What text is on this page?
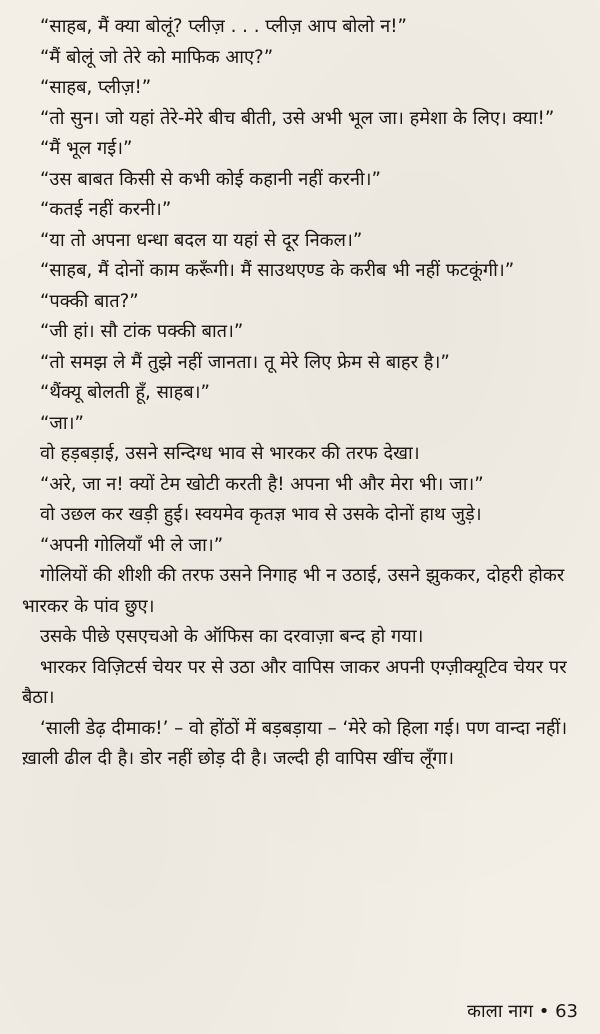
“साहब, मैं क्या बोलूं? प्लीज़ . . . प्लीज़ आप बोलो न!”

“मैं बोलूं जो तेरे को माफिक आए?”

“साहब, प्लीज़!”

“तो सुन। जो यहां तेरे-मेरे बीच बीती, उसे अभी भूल जा। हमेशा के लिए। क्या!”

“मैं भूल गई।”

“उस बाबत किसी से कभी कोई कहानी नहीं करनी।”

“कतई नहीं करनी।”

“या तो अपना धन्धा बदल या यहां से दूर निकल।”

“साहब, मैं दोनों काम करूँगी। मैं साउथएण्ड के करीब भी नहीं फटकूंगी।”

“पक्की बात?”

“जी हां। सौ टांक पक्की बात।”

“तो समझ ले मैं तुझे नहीं जानता। तू मेरे लिए फ्रेम से बाहर है।”

“थैंक्यू बोलती हूँ, साहब।”

“जा।”

वो हड़बड़ाई, उसने सन्दिग्ध भाव से भारकर की तरफ देखा।

“अरे, जा न! क्यों टेम खोटी करती है! अपना भी और मेरा भी। जा।”

वो उछल कर खड़ी हुई। स्वयमेव कृतज्ञ भाव से उसके दोनों हाथ जुड़े।

“अपनी गोलियाँ भी ले जा।”

गोलियों की शीशी की तरफ उसने निगाह भी न उठाई, उसने झुककर, दोहरी होकर भारकर के पांव छुए।

उसके पीछे एसएचओ के ऑफिस का दरवाज़ा बन्द हो गया।

भारकर विज़िटर्स चेयर पर से उठा और वापिस जाकर अपनी एग्ज़ीक्यूटिव चेयर पर बैठा।

‘साली डेढ़ दीमाक!’ – वो होंठों में बड़बड़ाया – ‘मेरे को हिला गई। पण वान्दा नहीं। ख़ाली ढील दी है। डोर नहीं छोड़ दी है। जल्दी ही वापिस खींच लूँगा।

काला नाग • 63
